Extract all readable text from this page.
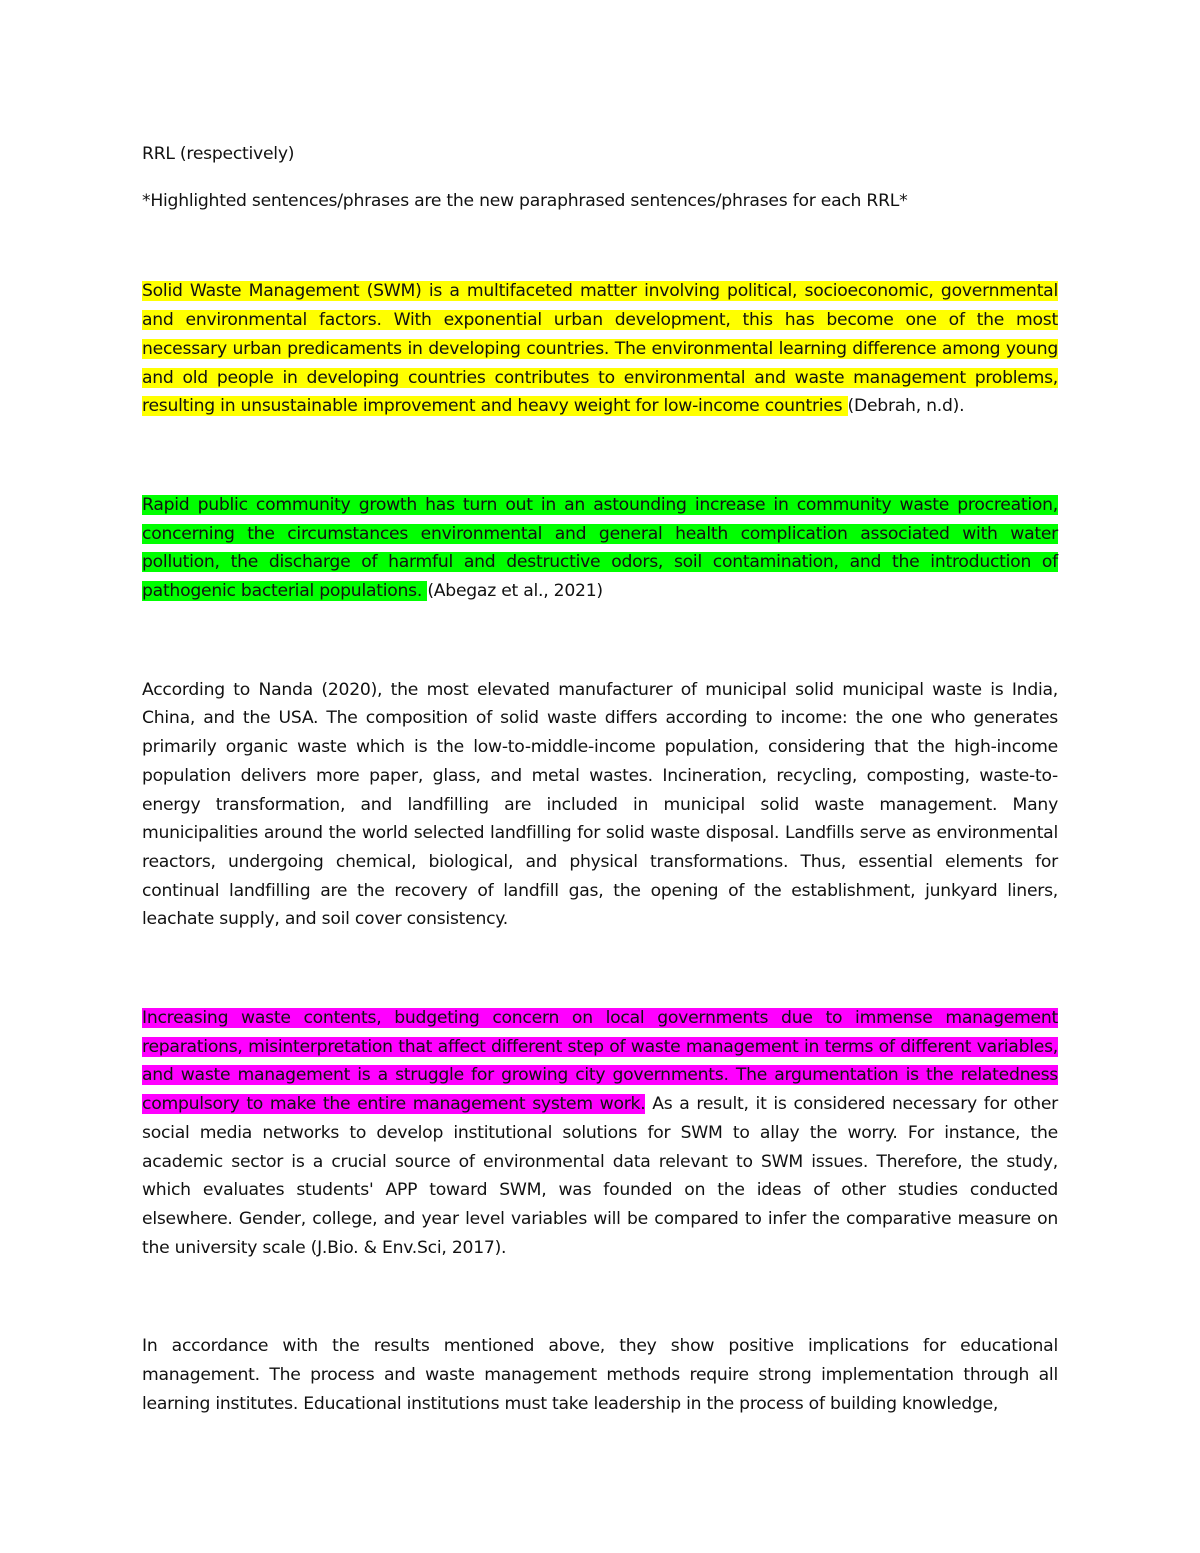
RRL (respectively)

*Highlighted sentences/phrases are the new paraphrased sentences/phrases for each RRL*

Solid Waste Management (SWM) is a multifaceted matter involving political, socioeconomic, governmental and environmental factors. With exponential urban development, this has become one of the most necessary urban predicaments in developing countries. The environmental learning difference among young and old people in developing countries contributes to environmental and waste management problems, resulting in unsustainable improvement and heavy weight for low-income countries (Debrah, n.d).

Rapid public community growth has turn out in an astounding increase in community waste procreation, concerning the circumstances environmental and general health complication associated with water pollution, the discharge of harmful and destructive odors, soil contamination, and the introduction of pathogenic bacterial populations. (Abegaz et al., 2021)

According to Nanda (2020), the most elevated manufacturer of municipal solid municipal waste is India, China, and the USA. The composition of solid waste differs according to income: the one who generates primarily organic waste which is the low-to-middle-income population, considering that the high-income population delivers more paper, glass, and metal wastes. Incineration, recycling, composting, waste-to-energy transformation, and landfilling are included in municipal solid waste management. Many municipalities around the world selected landfilling for solid waste disposal. Landfills serve as environmental reactors, undergoing chemical, biological, and physical transformations. Thus, essential elements for continual landfilling are the recovery of landfill gas, the opening of the establishment, junkyard liners, leachate supply, and soil cover consistency.

Increasing waste contents, budgeting concern on local governments due to immense management reparations, misinterpretation that affect different step of waste management in terms of different variables, and waste management is a struggle for growing city governments. The argumentation is the relatedness compulsory to make the entire management system work. As a result, it is considered necessary for other social media networks to develop institutional solutions for SWM to allay the worry. For instance, the academic sector is a crucial source of environmental data relevant to SWM issues. Therefore, the study, which evaluates students' APP toward SWM, was founded on the ideas of other studies conducted elsewhere. Gender, college, and year level variables will be compared to infer the comparative measure on the university scale (J.Bio. & Env.Sci, 2017).

In accordance with the results mentioned above, they show positive implications for educational management. The process and waste management methods require strong implementation through all learning institutes. Educational institutions must take leadership in the process of building knowledge,
